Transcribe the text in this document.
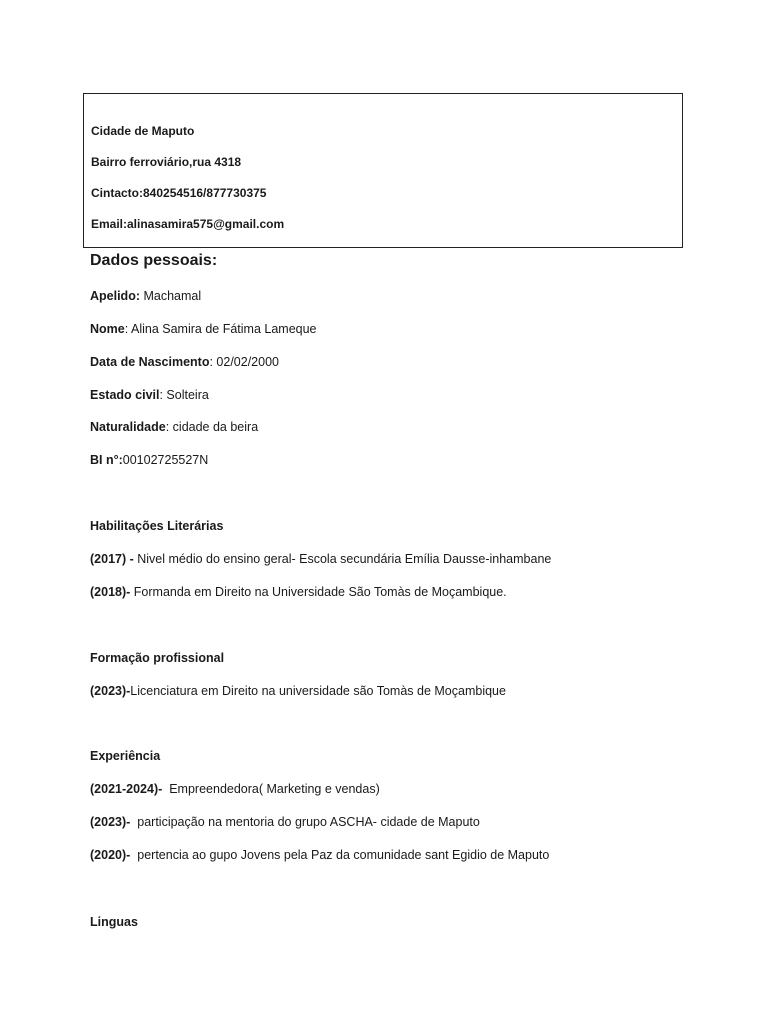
Cidade de Maputo
Bairro ferroviário,rua 4318
Cintacto:840254516/877730375
Email:alinasamira575@gmail.com
Dados pessoais:
Apelido: Machamal
Nome: Alina Samira de Fátima Lameque
Data de Nascimento: 02/02/2000
Estado civil: Solteira
Naturalidade: cidade da beira
BI n°:00102725527N
Habilitações Literárias
(2017) - Nivel médio do ensino geral- Escola secundária Emília Dausse-inhambane
(2018)- Formanda em Direito na Universidade São Tomàs de Moçambique.
Formação profissional
(2023)-Licenciatura em Direito na universidade são Tomàs de Moçambique
Experiência
(2021-2024)-  Empreendedora( Marketing e vendas)
(2023)-  participação na mentoria do grupo ASCHA- cidade de Maputo
(2020)-  pertencia ao gupo Jovens pela Paz da comunidade sant Egidio de Maputo
Linguas
